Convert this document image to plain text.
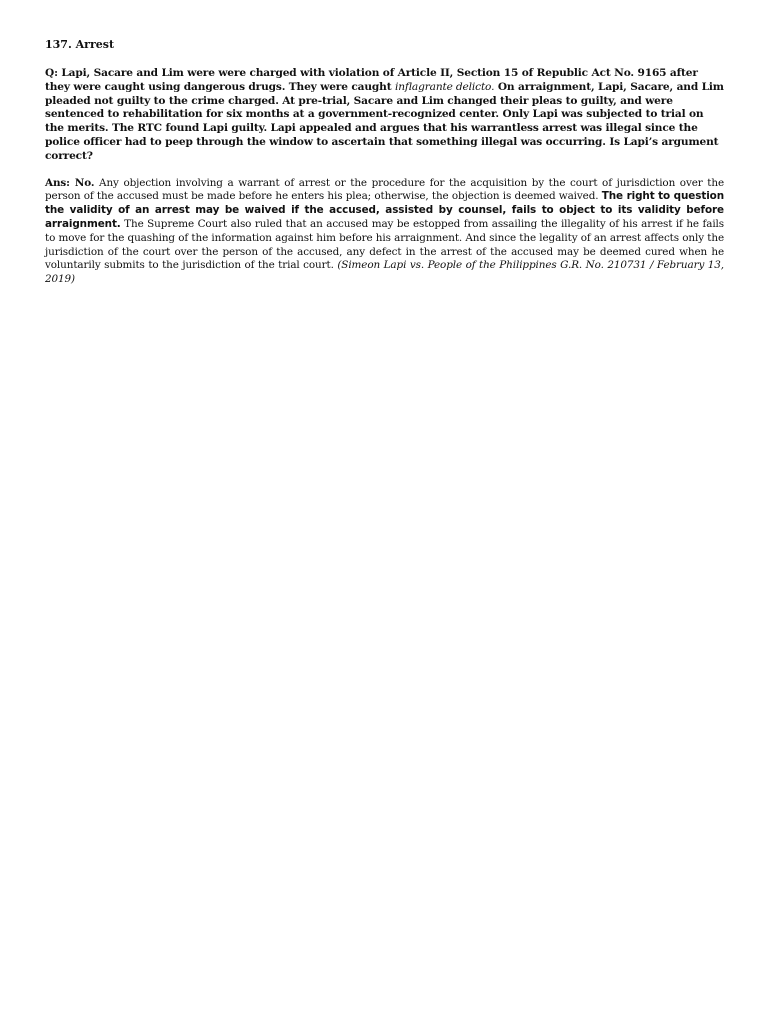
137. Arrest

Q: Lapi, Sacare and Lim were were charged with violation of Article II, Section 15 of Republic Act No. 9165 after they were caught using dangerous drugs. They were caught inflagrante delicto. On arraignment, Lapi, Sacare, and Lim pleaded not guilty to the crime charged. At pre-trial, Sacare and Lim changed their pleas to guilty, and were sentenced to rehabilitation for six months at a government-recognized center. Only Lapi was subjected to trial on the merits. The RTC found Lapi guilty. Lapi appealed and argues that his warrantless arrest was illegal since the police officer had to peep through the window to ascertain that something illegal was occurring. Is Lapi’s argument correct?

Ans: No. Any objection involving a warrant of arrest or the procedure for the acquisition by the court of jurisdiction over the person of the accused must be made before he enters his plea; otherwise, the objection is deemed waived. The right to question the validity of an arrest may be waived if the accused, assisted by counsel, fails to object to its validity before arraignment. The Supreme Court also ruled that an accused may be estopped from assailing the illegality of his arrest if he fails to move for the quashing of the information against him before his arraignment. And since the legality of an arrest affects only the jurisdiction of the court over the person of the accused, any defect in the arrest of the accused may be deemed cured when he voluntarily submits to the jurisdiction of the trial court. (Simeon Lapi vs. People of the Philippines G.R. No. 210731 / February 13, 2019)
